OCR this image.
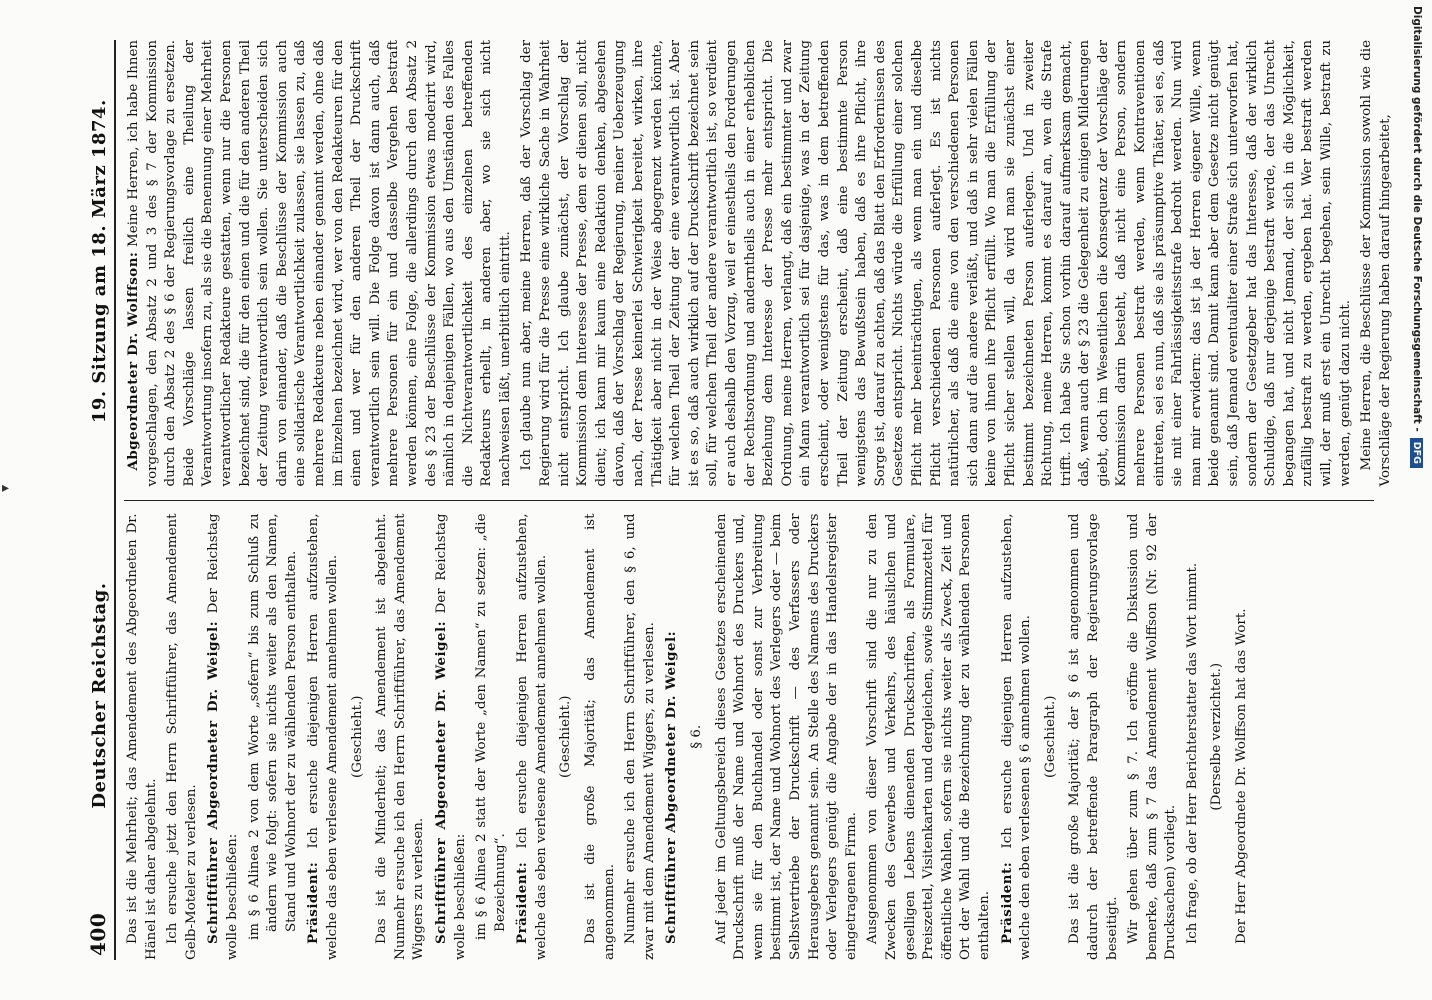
▸
400
Deutscher Reichstag.
19. Sitzung am 18. März 1874.

Das ist die Mehrheit; das Amendement des Abgeordneten Dr. Hänel ist daher abgelehnt. Ich ersuche jetzt den Herrn Schriftführer, das Amendement Gelb-Moteler zu verlesen. Schriftführer Abgeordneter Dr. Weigel: Der Reichstag wolle beschließen: im § 6 Alinea 2 von dem Worte „sofern“ bis zum Schluß zu ändern wie folgt: sofern sie nichts weiter als den Namen, Stand und Wohnort der zu wählenden Person enthalten. Präsident: Ich ersuche diejenigen Herren aufzustehen, welche das eben verlesene Amendement annehmen wollen. (Geschieht.) Das ist die Minderheit; das Amendement ist abgelehnt. Nunmehr ersuche ich den Herrn Schriftführer, das Amendement Wiggers zu verlesen. Schriftführer Abgeordneter Dr. Weigel: Der Reichstag wolle beschließen: im § 6 Alinea 2 statt der Worte „den Namen“ zu setzen: „die Bezeichnung“. Präsident: Ich ersuche diejenigen Herren aufzustehen, welche das eben verlesene Amendement annehmen wollen. (Geschieht.) Das ist die große Majorität; das Amendement ist angenommen. Nunmehr ersuche ich den Herrn Schriftführer, den § 6, und zwar mit dem Amendement Wiggers, zu verlesen. Schriftführer Abgeordneter Dr. Weigel: § 6. Auf jeder im Geltungsbereich dieses Gesetzes erscheinenden Druckschrift muß der Name und Wohnort des Druckers und, wenn sie für den Buchhandel oder sonst zur Verbreitung bestimmt ist, der Name und Wohnort des Verlegers oder — beim Selbstvertriebe der Druckschrift — des Verfassers oder Herausgebers genannt sein. An Stelle des Namens des Druckers oder Verlegers genügt die Angabe der in das Handelsregister eingetragenen Firma. Ausgenommen von dieser Vorschrift sind die nur zu den Zwecken des Gewerbes und Verkehrs, des häuslichen und geselligen Lebens dienenden Druckschriften, als Formulare, Preiszettel, Visitenkarten und dergleichen, sowie Stimmzettel für öffentliche Wahlen, sofern sie nichts weiter als Zweck, Zeit und Ort der Wahl und die Bezeichnung der zu wählenden Personen enthalten. Präsident: Ich ersuche diejenigen Herren aufzustehen, welche den eben verlesenen § 6 annehmen wollen. (Geschieht.) Das ist die große Majorität; der § 6 ist angenommen und dadurch der betreffende Paragraph der Regierungsvorlage beseitigt. Wir gehen über zum § 7. Ich eröffne die Diskussion und bemerke, daß zum § 7 das Amendement Wolffson (Nr. 92 der Drucksachen) vorliegt. Ich frage, ob der Herr Berichterstatter das Wort nimmt. (Derselbe verzichtet.) Der Herr Abgeordnete Dr. Wolffson hat das Wort.

Abgeordneter Dr. Wolffson: Meine Herren, ich habe Ihnen vorgeschlagen, den Absatz 2 und 3 des § 7 der Kommission durch den Absatz 2 des § 6 der Regierungsvorlage zu ersetzen. Beide Vorschläge lassen freilich eine Theilung der Verantwortung insofern zu, als sie die Benennung einer Mehrheit verantwortlicher Redakteure gestatten, wenn nur die Personen bezeichnet sind, die für den einen und die für den anderen Theil der Zeitung verantwortlich sein wollen. Sie unterscheiden sich darin von einander, daß die Beschlüsse der Kommission auch eine solidarische Verantwortlichkeit zulassen, sie lassen zu, daß mehrere Redakteure neben einander genannt werden, ohne daß im Einzelnen bezeichnet wird, wer von den Redakteuren für den einen und wer für den anderen Theil der Druckschrift verantwortlich sein will. Die Folge davon ist dann auch, daß mehrere Personen für ein und dasselbe Vergehen bestraft werden können, eine Folge, die allerdings durch den Absatz 2 des § 23 der Beschlüsse der Kommission etwas moderirt wird, nämlich in denjenigen Fällen, wo aus den Umständen des Falles die Nichtverantwortlichkeit des einzelnen betreffenden Redakteurs erhellt, in anderen aber, wo sie sich nicht nachweisen läßt, unerbittlich eintritt. Ich glaube nun aber, meine Herren, daß der Vorschlag der Regierung wird für die Presse eine wirkliche Sache in Wahrheit nicht entspricht. Ich glaube zunächst, der Vorschlag der Kommission dem Interesse der Presse, dem er dienen soll, nicht dient; ich kann mir kaum eine Redaktion denken, abgesehen davon, daß der Vorschlag der Regierung, meiner Ueberzeugung nach, der Presse keinerlei Schwierigkeit bereitet, wirken, ihre Thätigkeit aber nicht in der Weise abgegrenzt werden könnte, für welchen Theil der Zeitung der eine verantwortlich ist. Aber ist es so, daß auch wirklich auf der Druckschrift bezeichnet sein soll, für welchen Theil der andere verantwortlich ist, so verdient er auch deshalb den Vorzug, weil er einestheils den Forderungen der Rechtsordnung und anderntheils auch in einer erheblichen Beziehung dem Interesse der Presse mehr entspricht. Die Ordnung, meine Herren, verlangt, daß ein bestimmter und zwar ein Mann verantwortlich sei für dasjenige, was in der Zeitung erscheint, oder wenigstens für das, was in dem betreffenden Theil der Zeitung erscheint, daß eine bestimmte Person wenigstens das Bewußtsein haben, daß es ihre Pflicht, ihre Sorge ist, darauf zu achten, daß das Blatt den Erfordernissen des Gesetzes entspricht. Nichts würde die Erfüllung einer solchen Pflicht mehr beeinträchtigen, als wenn man ein und dieselbe Pflicht verschiedenen Personen auferlegt. Es ist nichts natürlicher, als daß die eine von den verschiedenen Personen sich dann auf die andere verläßt, und daß in sehr vielen Fällen keine von ihnen ihre Pflicht erfüllt. Wo man die Erfüllung der Pflicht sicher stellen will, da wird man sie zunächst einer bestimmt bezeichneten Person auferlegen. Und in zweiter Richtung, meine Herren, kommt es darauf an, wen die Strafe trifft. Ich habe Sie schon vorhin darauf aufmerksam gemacht, daß, wenn auch der § 23 die Gelegenheit zu einigen Milderungen giebt, doch im Wesentlichen die Konsequenz der Vorschläge der Kommission darin besteht, daß nicht eine Person, sondern mehrere Personen bestraft werden, wenn Kontraventionen eintreten, sei es nun, daß sie als präsumptive Thäter, sei es, daß sie mit einer Fahrlässigkeitsstrafe bedroht werden. Nun wird man mir erwidern: das ist ja der Herren eigener Wille, wenn beide genannt sind. Damit kann aber dem Gesetze nicht genügt sein, daß Jemand eventualiter einer Strafe sich unterworfen hat, sondern der Gesetzgeber hat das Interesse, daß der wirklich Schuldige, daß nur derjenige bestraft werde, der das Unrecht begangen hat, und nicht Jemand, der sich in die Möglichkeit, zufällig bestraft zu werden, ergeben hat. Wer bestraft werden will, der muß erst ein Unrecht begehen, sein Wille, bestraft zu werden, genügt dazu nicht. Meine Herren, die Beschlüsse der Kommission sowohl wie die Vorschläge der Regierung haben darauf hingearbeitet, Digitalisierung gefördert durch die Deutsche Forschungsgemeinschaft -
DFG
